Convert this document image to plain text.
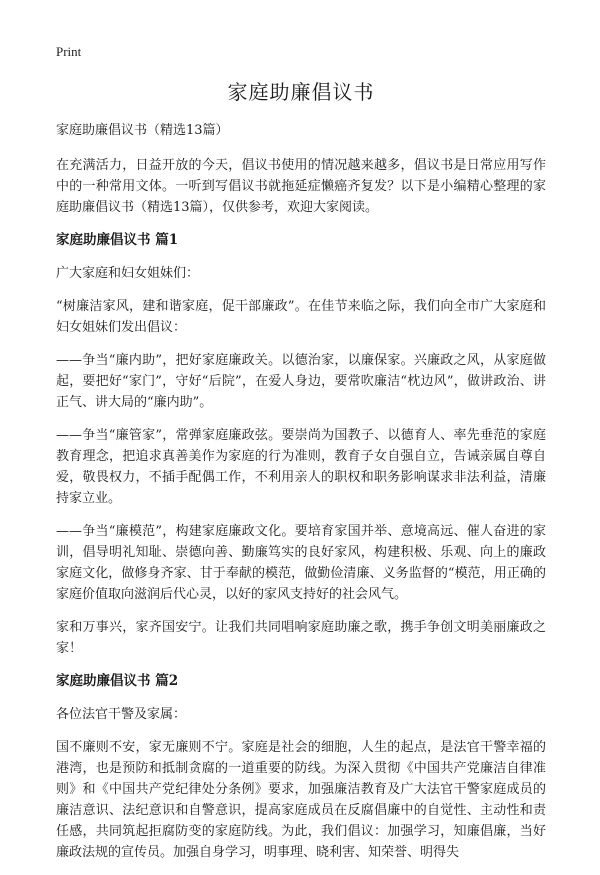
Print
家庭助廉倡议书

家庭助廉倡议书（精选13篇）

在充满活力，日益开放的今天，倡议书使用的情况越来越多，倡议书是日常应用写作中的一种常用文体。一听到写倡议书就拖延症懒癌齐复发？以下是小编精心整理的家庭助廉倡议书（精选13篇），仅供参考，欢迎大家阅读。

家庭助廉倡议书 篇1

广大家庭和妇女姐妹们：

“树廉洁家风，建和谐家庭，促干部廉政”。在佳节来临之际，我们向全市广大家庭和妇女姐妹们发出倡议：

——争当“廉内助”，把好家庭廉政关。以德治家，以廉保家。兴廉政之风，从家庭做起，要把好“家门”，守好“后院”，在爱人身边，要常吹廉洁“枕边风”，做讲政治、讲正气、讲大局的“廉内助”。

——争当“廉管家”，常弹家庭廉政弦。要崇尚为国教子、以德育人、率先垂范的家庭教育理念，把追求真善美作为家庭的行为准则，教育子女自强自立，告诫亲属自尊自爱，敬畏权力，不插手配偶工作，不利用亲人的职权和职务影响谋求非法利益，清廉持家立业。

——争当“廉模范”，构建家庭廉政文化。要培育家国并举、意境高远、催人奋进的家训，倡导明礼知耻、崇德向善、勤廉笃实的良好家风，构建积极、乐观、向上的廉政家庭文化，做修身齐家、甘于奉献的模范，做勤俭清廉、义务监督的“模范，用正确的家庭价值取向滋润后代心灵，以好的家风支持好的社会风气。

家和万事兴，家齐国安宁。让我们共同唱响家庭助廉之歌，携手争创文明美丽廉政之家！

家庭助廉倡议书 篇2

各位法官干警及家属：

国不廉则不安，家无廉则不宁。家庭是社会的细胞，人生的起点，是法官干警幸福的港湾，也是预防和抵制贪腐的一道重要的防线。为深入贯彻《中国共产党廉洁自律准则》和《中国共产党纪律处分条例》要求，加强廉洁教育及广大法官干警家庭成员的廉洁意识、法纪意识和自警意识，提高家庭成员在反腐倡廉中的自觉性、主动性和责任感，共同筑起拒腐防变的家庭防线。为此，我们倡议：加强学习，知廉倡廉，当好廉政法规的宣传员。加强自身学习，明事理、晓利害、知荣誉、明得失
